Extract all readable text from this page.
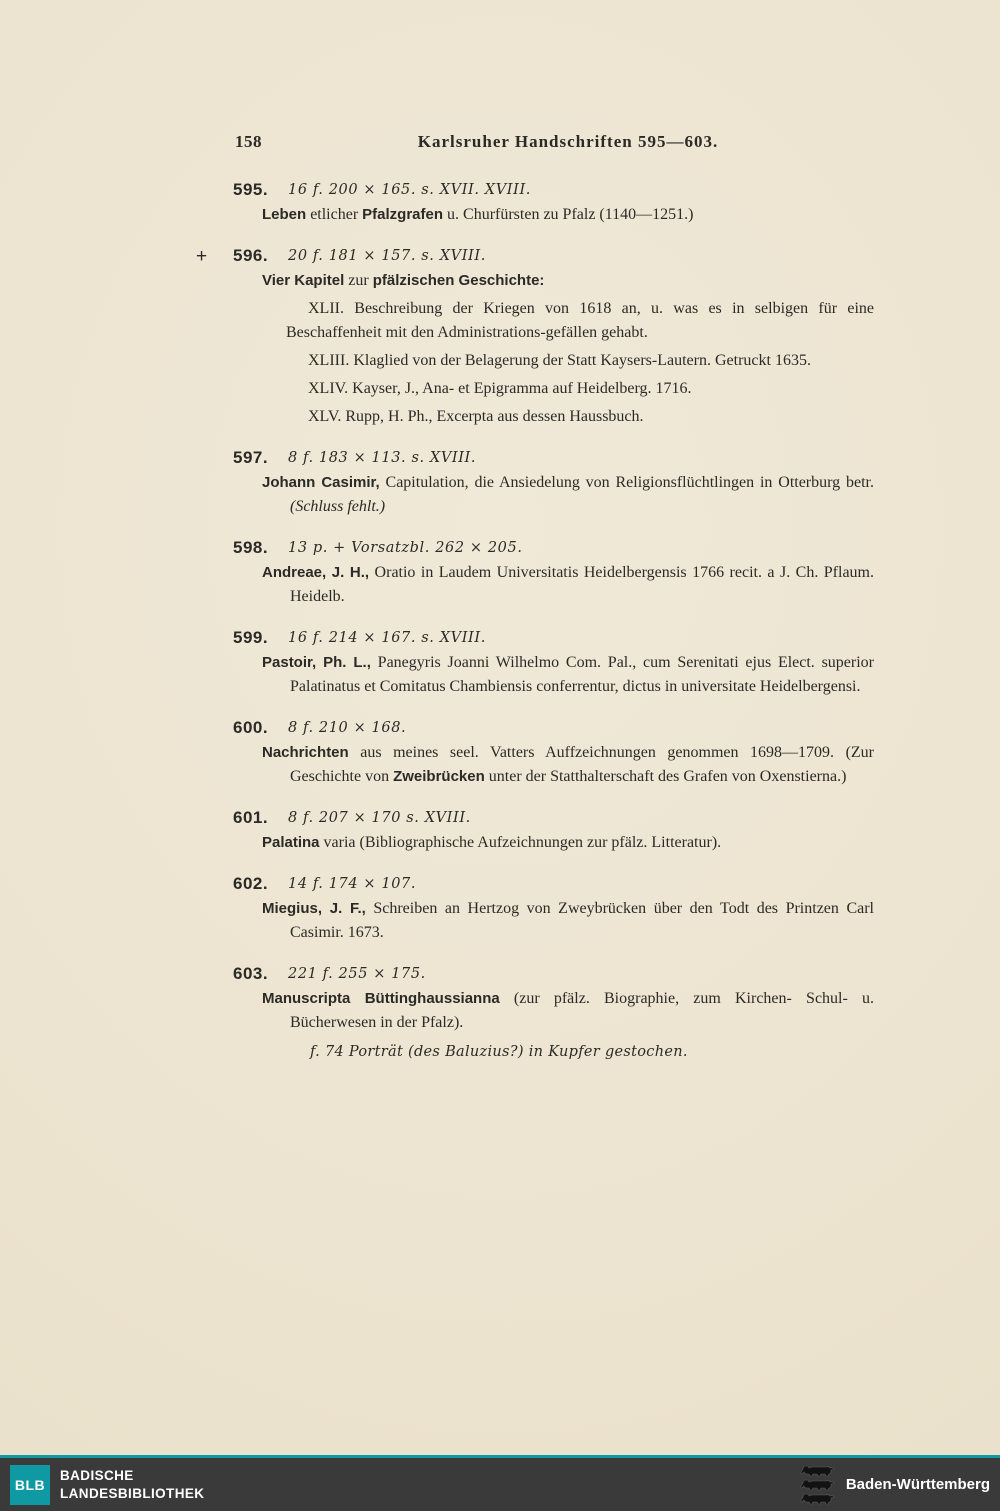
158	Karlsruher Handschriften 595—603.
595. 16 f. 200 × 165. s. XVII. XVIII.

Leben etlicher Pfalzgrafen u. Churfürsten zu Pfalz (1140—1251.)

+ 596. 20 f. 181 × 157. s. XVIII.

Vier Kapitel zur pfälzischen Geschichte:

XLII. Beschreibung der Kriegen von 1618 an, u. was es in selbigen für eine Beschaffenheit mit den Administrations-gefällen gehabt.

XLIII. Klaglied von der Belagerung der Statt Kaysers-Lautern. Getruckt 1635.

XLIV. Kayser, J., Ana- et Epigramma auf Heidelberg. 1716.

XLV. Rupp, H. Ph., Excerpta aus dessen Haussbuch.

597. 8 f. 183 × 113. s. XVIII.

Johann Casimir, Capitulation, die Ansiedelung von Religionsflüchtlingen in Otterburg betr. (Schluss fehlt.)

598. 13 p. + Vorsatzbl. 262 × 205.

Andreae, J. H., Oratio in Laudem Universitatis Heidelbergensis 1766 recit. a J. Ch. Pflaum. Heidelb.

599. 16 f. 214 × 167. s. XVIII.

Pastoir, Ph. L., Panegyris Joanni Wilhelmo Com. Pal., cum Serenitati ejus Elect. superior Palatinatus et Comitatus Chambiensis conferrentur, dictus in universitate Heidelbergensi.

600. 8 f. 210 × 168.

Nachrichten aus meines seel. Vatters Auffzeichnungen genommen 1698—1709. (Zur Geschichte von Zweibrücken unter der Statthalterschaft des Grafen von Oxenstierna.)

601. 8 f. 207 × 170 s. XVIII.

Palatina varia (Bibliographische Aufzeichnungen zur pfälz. Litteratur).

602. 14 f. 174 × 107.

Miegius, J. F., Schreiben an Hertzog von Zweybrücken über den Todt des Printzen Carl Casimir. 1673.

603. 221 f. 255 × 175.

Manuscripta Büttinghaussianna (zur pfälz. Biographie, zum Kirchen- Schul- u. Bücherwesen in der Pfalz).

f. 74 Porträt (des Baluzius?) in Kupfer gestochen.

BLB
BADISCHE
LANDESBIBLIOTHEK	Baden-Württemberg
